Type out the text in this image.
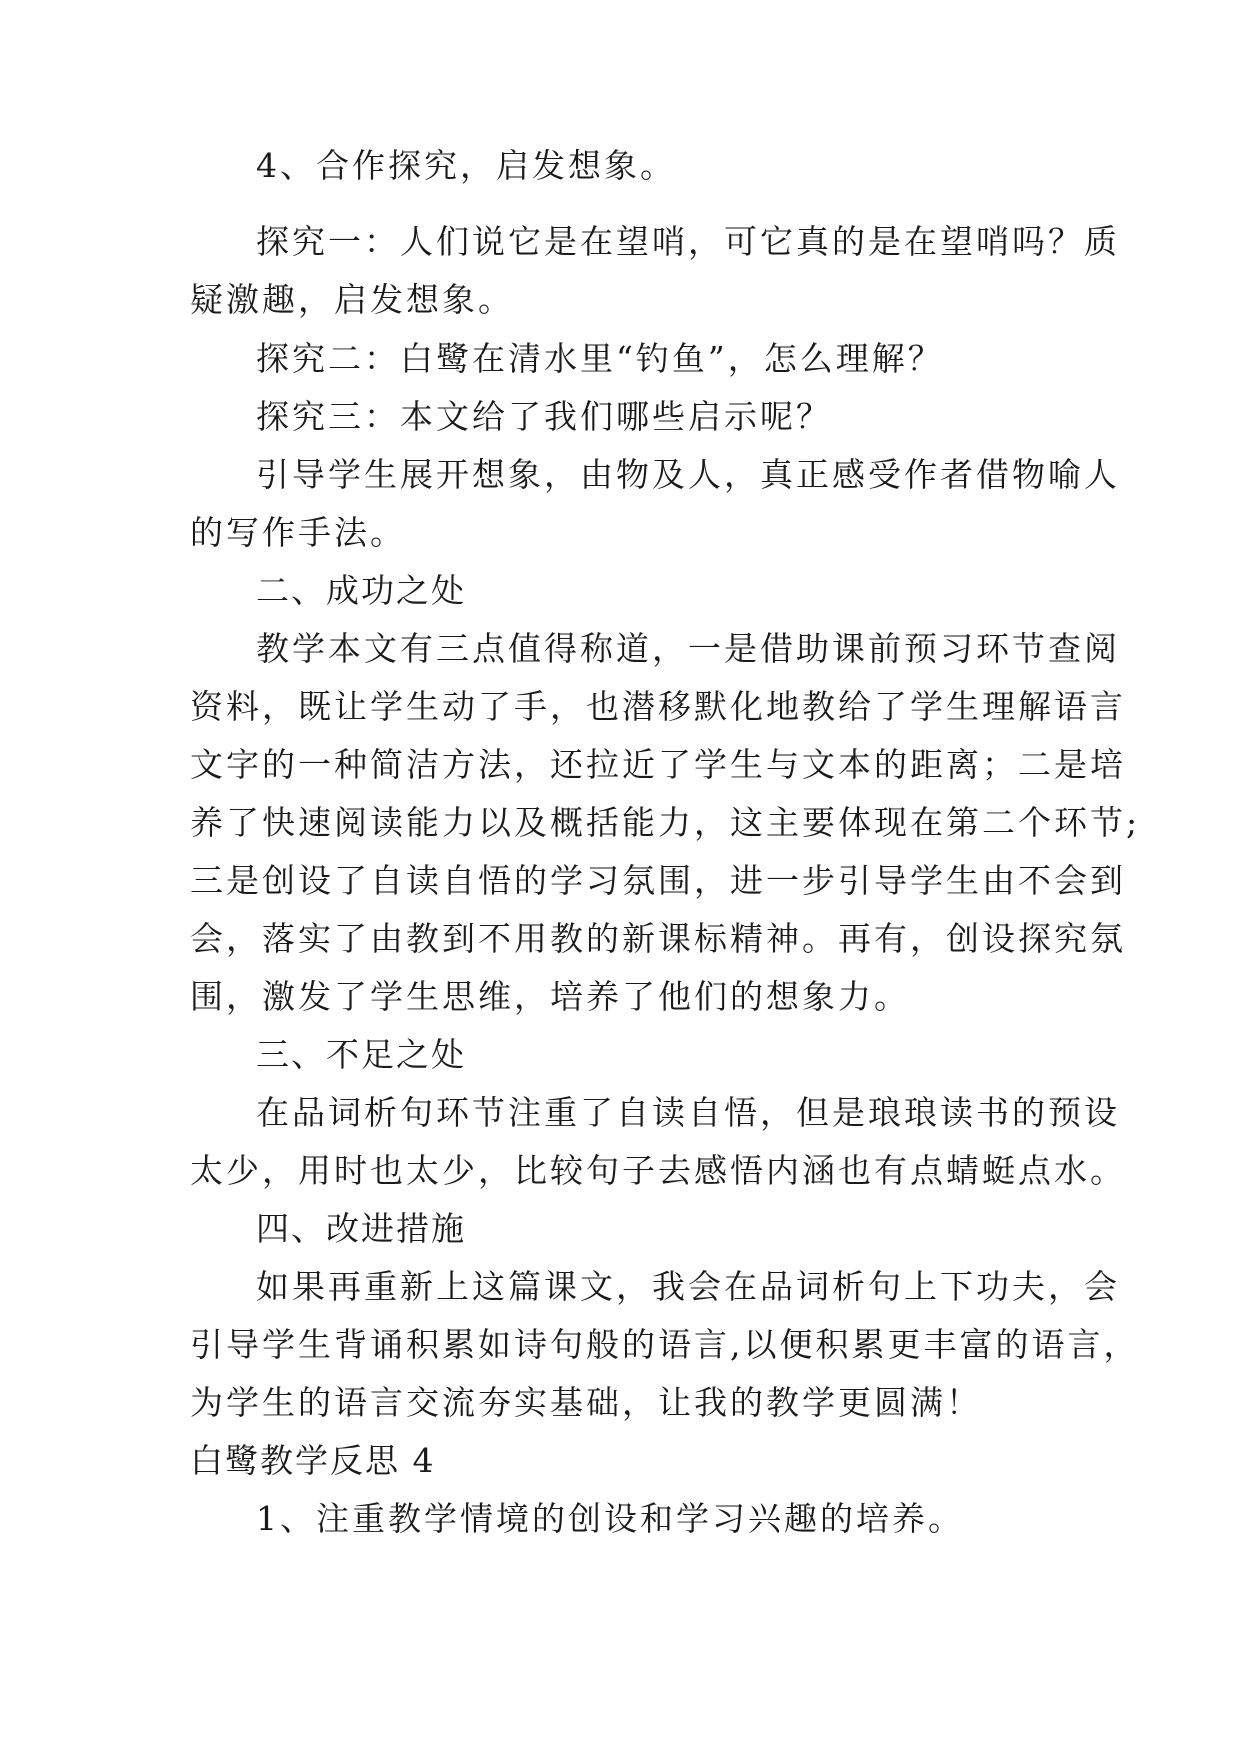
4、合作探究，启发想象。
探究一：人们说它是在望哨，可它真的是在望哨吗？质
疑激趣，启发想象。
探究二：白鹭在清水里“钓鱼”，怎么理解？
探究三：本文给了我们哪些启示呢？
引导学生展开想象，由物及人，真正感受作者借物喻人
的写作手法。
二、成功之处
教学本文有三点值得称道，一是借助课前预习环节查阅
资料，既让学生动了手，也潜移默化地教给了学生理解语言
文字的一种简洁方法，还拉近了学生与文本的距离；二是培
养了快速阅读能力以及概括能力，这主要体现在第二个环节;
三是创设了自读自悟的学习氛围，进一步引导学生由不会到
会，落实了由教到不用教的新课标精神。再有，创设探究氛
围，激发了学生思维，培养了他们的想象力。
三、不足之处
在品词析句环节注重了自读自悟，但是琅琅读书的预设
太少，用时也太少，比较句子去感悟内涵也有点蜻蜓点水。
四、改进措施
如果再重新上这篇课文，我会在品词析句上下功夫，会
引导学生背诵积累如诗句般的语言,以便积累更丰富的语言，
为学生的语言交流夯实基础，让我的教学更圆满！
白鹭教学反思 4
1、注重教学情境的创设和学习兴趣的培养。
